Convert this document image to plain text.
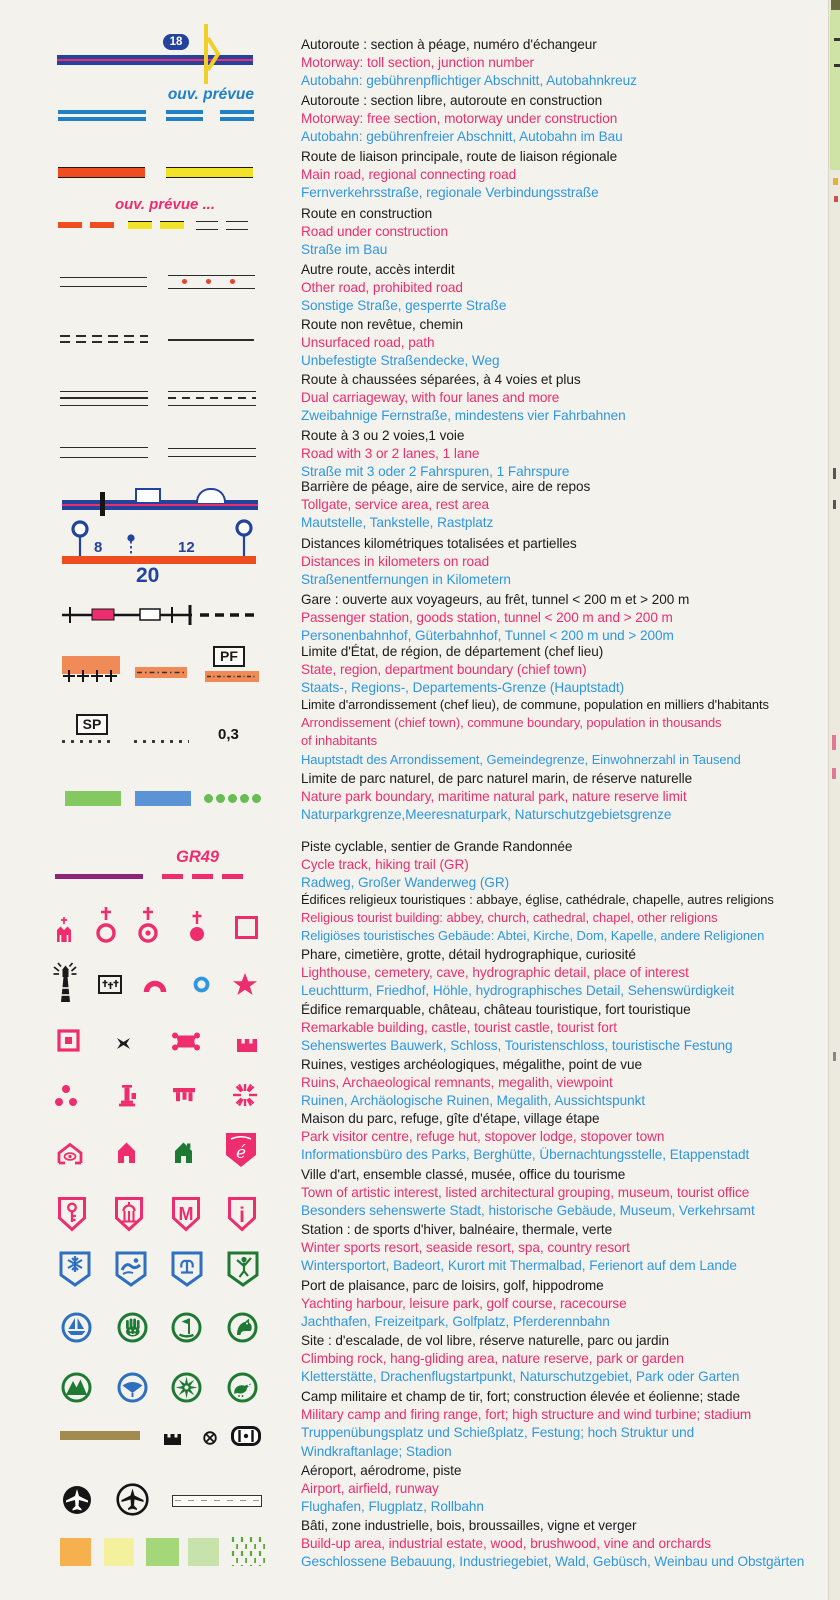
Autoroute : section à péage, numéro d'échangeur
Motorway: toll section, junction number
Autobahn: gebührenpflichtiger Abschnitt, Autobahnkreuz
Autoroute : section libre, autoroute en construction
Motorway: free section, motorway under construction
Autobahn: gebührenfreier Abschnitt, Autobahn im Bau
Route de liaison principale, route de liaison régionale
Main road, regional connecting road
Fernverkehrsstraße, regionale Verbindungsstraße
Route en construction
Road under construction
Straße im Bau
Autre route, accès interdit
Other road, prohibited road
Sonstige Straße, gesperrte Straße
Route non revêtue, chemin
Unsurfaced road, path
Unbefestigte Straßendecke, Weg
Route à chaussées séparées, à 4 voies et plus
Dual carriageway, with four lanes and more
Zweibahnige Fernstraße, mindestens vier Fahrbahnen
Route à 3 ou 2 voies,1 voie
Road with 3 or 2 lanes, 1 lane
Straße mit 3 oder 2 Fahrspuren, 1 Fahrspure
Barrière de péage, aire de service, aire de repos
Tollgate, service area, rest area
Mautstelle, Tankstelle, Rastplatz
Distances kilométriques totalisées et partielles
Distances in kilometers on road
Straßenentfernungen in Kilometern
Gare : ouverte aux voyageurs, au frêt, tunnel < 200 m et > 200 m
Passenger station, goods station, tunnel < 200 m and > 200 m
Personenbahnhof, Güterbahnhof, Tunnel < 200 m und > 200m
Limite d'État, de région, de département (chef lieu)
State, region, department boundary (chief town)
Staats-, Regions-, Departements-Grenze (Hauptstadt)
Limite d'arrondissement (chef lieu), de commune, population en milliers d'habitants
Arrondissement (chief town), commune boundary, population in thousands
of inhabitants
Hauptstadt des Arrondissement, Gemeindegrenze, Einwohnerzahl in Tausend
Limite de parc naturel, de parc naturel marin, de réserve naturelle
Nature park boundary, maritime natural park, nature reserve limit
Naturparkgrenze,Meeresnaturpark, Naturschutzgebietsgrenze
Piste cyclable, sentier de Grande Randonnée
Cycle track, hiking trail (GR)
Radweg, Großer Wanderweg (GR)
Édifices religieux touristiques : abbaye, église, cathédrale, chapelle, autres religions
Religious tourist building: abbey, church, cathedral, chapel, other religions
Religiöses touristisches Gebäude: Abtei, Kirche, Dom, Kapelle, andere Religionen
Phare, cimetière, grotte, détail hydrographique, curiosité
Lighthouse, cemetery, cave, hydrographic detail, place of interest
Leuchtturm, Friedhof, Höhle, hydrographisches Detail, Sehenswürdigkeit
Édifice remarquable, château, château touristique, fort touristique
Remarkable building, castle, tourist castle, tourist fort
Sehenswertes Bauwerk, Schloss, Touristenschloss, touristische Festung
Ruines, vestiges archéologiques, mégalithe, point de vue
Ruins, Archaeological remnants, megalith, viewpoint
Ruinen, Archäologische Ruinen, Megalith, Aussichtspunkt
Maison du parc, refuge, gîte d'étape, village étape
Park visitor centre, refuge hut, stopover lodge, stopover town
Informationsbüro des Parks, Berghütte, Übernachtungsstelle, Etappenstadt
Ville d'art, ensemble classé, musée, office du tourisme
Town of artistic interest, listed architectural grouping, museum, tourist office
Besonders sehenswerte Stadt, historische Gebäude, Museum, Verkehrsamt
Station : de sports d'hiver, balnéaire, thermale, verte
Winter sports resort, seaside resort, spa, country resort
Wintersportort, Badeort, Kurort mit Thermalbad, Ferienort auf dem Lande
Port de plaisance, parc de loisirs, golf, hippodrome
Yachting harbour, leisure park, golf course, racecourse
Jachthafen, Freizeitpark, Golfplatz, Pferderennbahn
Site : d'escalade, de vol libre, réserve naturelle, parc ou jardin
Climbing rock, hang-gliding area, nature reserve, park or garden
Kletterstätte, Drachenflugstartpunkt, Naturschutzgebiet, Park oder Garten
Camp militaire et champ de tir, fort; construction élevée et éolienne; stade
Military camp and firing range, fort; high structure and wind turbine; stadium
Truppenübungsplatz und Schießplatz, Festung; hoch Struktur und
Windkraftanlage; Stadion
Aéroport, aérodrome, piste
Airport, airfield, runway
Flughafen, Flugplatz, Rollbahn
Bâti, zone industrielle, bois, broussailles, vigne et verger
Build-up area, industrial estate, wood, brushwood, vine and orchards
Geschlossene Bebauung, Industriegebiet, Wald, Gebüsch, Weinbau und Obstgärten
18
ouv. prévue
ouv. prévue ...
8	12
20
PF
SP
0,3
GR49
é
M i
